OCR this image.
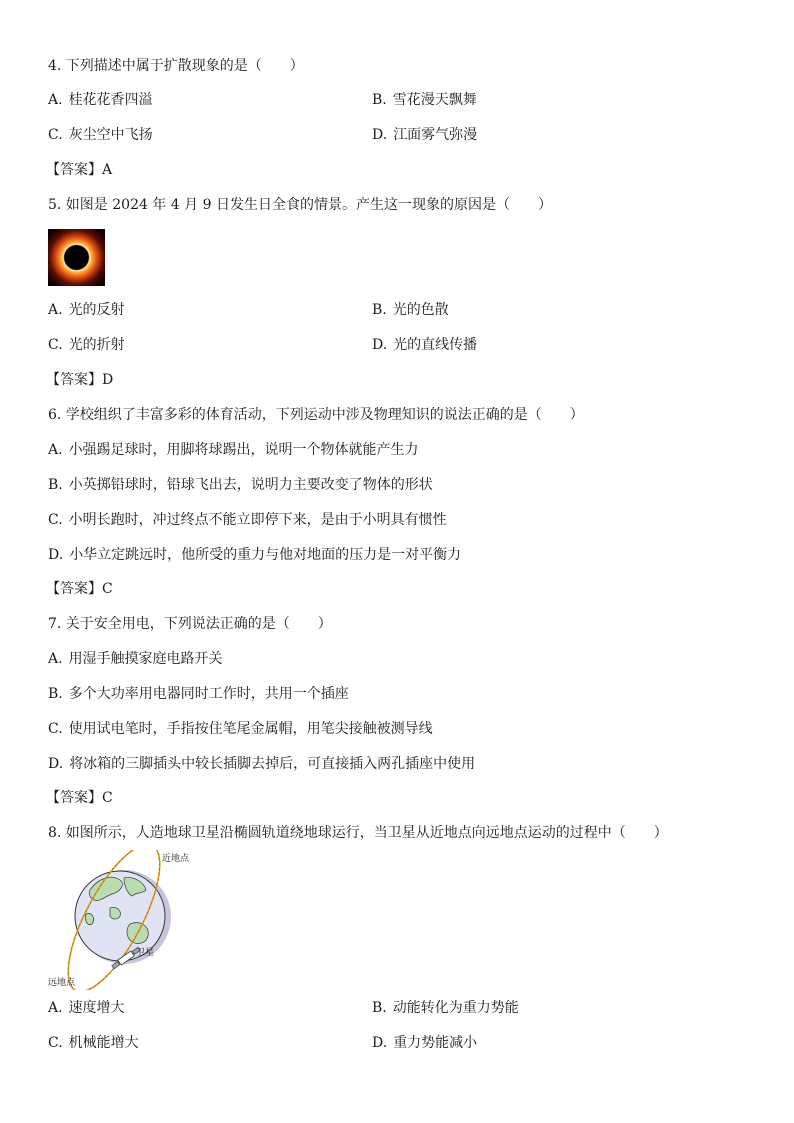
4. 下列描述中属于扩散现象的是（　　）
A. 桂花花香四溢	B. 雪花漫天飘舞
C. 灰尘空中飞扬	D. 江面雾气弥漫
【答案】A
5. 如图是 2024 年 4 月 9 日发生日全食的情景。产生这一现象的原因是（　　）
A. 光的反射	B. 光的色散
C. 光的折射	D. 光的直线传播
【答案】D
6. 学校组织了丰富多彩的体育活动，下列运动中涉及物理知识的说法正确的是（　　）
A. 小强踢足球时，用脚将球踢出，说明一个物体就能产生力
B. 小英掷铅球时，铅球飞出去，说明力主要改变了物体的形状
C. 小明长跑时，冲过终点不能立即停下来，是由于小明具有惯性
D. 小华立定跳远时，他所受的重力与他对地面的压力是一对平衡力
【答案】C
7. 关于安全用电，下列说法正确的是（　　）
A. 用湿手触摸家庭电路开关
B. 多个大功率用电器同时工作时，共用一个插座
C. 使用试电笔时，手指按住笔尾金属帽，用笔尖接触被测导线
D. 将冰箱的三脚插头中较长插脚去掉后，可直接插入两孔插座中使用
【答案】C
8. 如图所示，人造地球卫星沿椭圆轨道绕地球运行，当卫星从近地点向远地点运动的过程中（　　）
近地点
卫星
远地点
A. 速度增大	B. 动能转化为重力势能
C. 机械能增大	D. 重力势能减小
